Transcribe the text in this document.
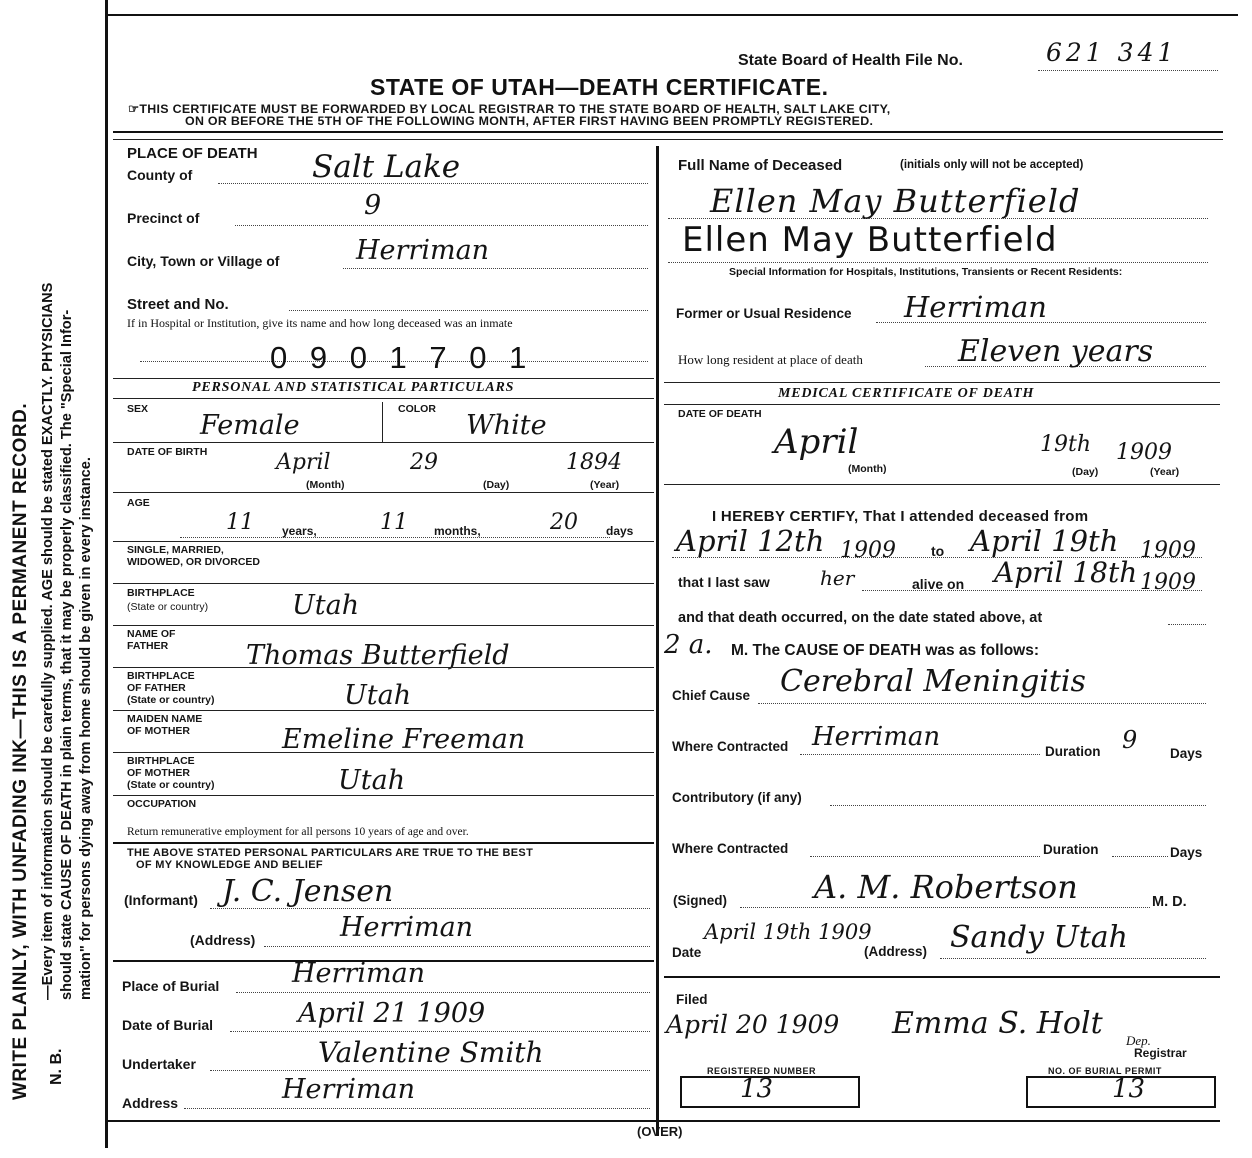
N. B.
—Every item of information should be carefully supplied. AGE should be stated EXACTLY. PHYSICIANS should state CAUSE OF DEATH in plain terms, that it may be properly classified. The "Special Infor- mation" for persons dying away from home should be given in every instance.
WRITE PLAINLY, WITH UNFADING INK—THIS IS A PERMANENT RECORD.
State Board of Health File No.	621 341
STATE OF UTAH—DEATH CERTIFICATE.
☞THIS CERTIFICATE MUST BE FORWARDED BY LOCAL REGISTRAR TO THE STATE BOARD OF HEALTH, SALT LAKE CITY,
ON OR BEFORE THE 5TH OF THE FOLLOWING MONTH, AFTER FIRST HAVING BEEN PROMPTLY REGISTERED.
PLACE OF DEATH
County of	Salt Lake
Precinct of	9
City, Town or Village of	Herriman
Street and No.
If in Hospital or Institution, give its name and how long deceased was an inmate
0 9 0 1 7 0 1
PERSONAL AND STATISTICAL PARTICULARS
SEX	COLOR
Female	White
DATE OF BIRTH	April	29	1894
(Month)	(Day)	(Year)
AGE
11 years,	11 months,	20 days
SINGLE, MARRIED,
WIDOWED, OR DIVORCED
BIRTHPLACE
(State or country)	Utah
NAME OF
FATHER	Thomas Butterfield
BIRTHPLACE
OF FATHER
(State or country)	Utah
MAIDEN NAME
OF MOTHER	Emeline Freeman
BIRTHPLACE
OF MOTHER
(State or country)	Utah
OCCUPATION
Return remunerative employment for all persons 10 years of age and over.
THE ABOVE STATED PERSONAL PARTICULARS ARE TRUE TO THE BEST
OF MY KNOWLEDGE AND BELIEF
(Informant) J. C. Jensen
(Address)	Herriman
Place of Burial	Herriman
Date of Burial	April 21 1909
Undertaker	Valentine Smith
Address	Herriman
Full Name of Deceased	(initials only will not be accepted)
Ellen May Butterfield
Ellen May Butterfield
Special Information for Hospitals, Institutions, Transients or Recent Residents:
Former or Usual Residence Herriman
How long resident at place of death	Eleven years
MEDICAL CERTIFICATE OF DEATH
DATE OF DEATH
April	19th 1909
(Month)	(Day)	(Year)
I HEREBY CERTIFY, That I attended deceased from
April 12th 1909	to April 19th 1909
that I last saw	her	alive on April 18th 1909
and that death occurred, on the date stated above, at
2 a. M. The CAUSE OF DEATH was as follows:
Chief Cause Cerebral Meningitis
Where Contracted Herriman	Duration 9 Days
Contributory (if any)
Where Contracted	Duration	Days
(Signed)	A. M. Robertson	M. D.
Date
April 19th 1909
(Address) Sandy Utah
Filed
April 20 1909 Emma S. Holt Dep.
Registrar
REGISTERED NUMBER
13
NO. OF BURIAL PERMIT
13
(OVER)
